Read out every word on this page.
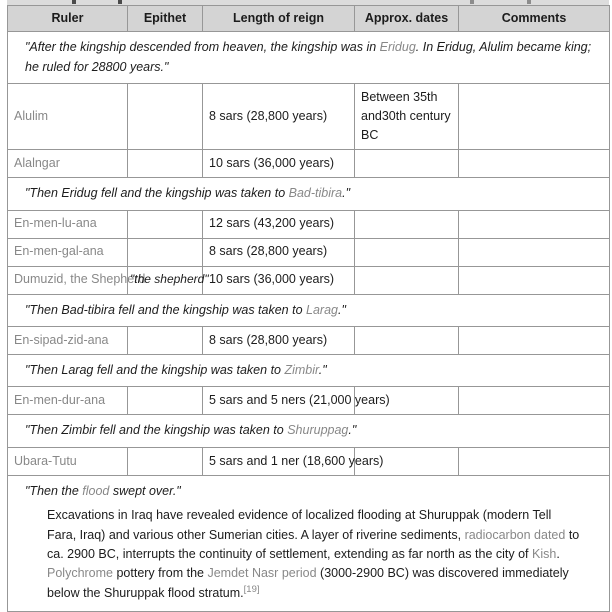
Ruler	Epithet	Length of reign	Approx. dates	Comments
"After the kingship descended from heaven, the kingship was in Eridug. In Eridug, Alulim became king; he ruled for 28800 years."				
Alulim		8 sars (28,800 years)	Between 35th and30th century BC	
Alalngar		10 sars (36,000 years)		
"Then Eridug fell and the kingship was taken to Bad-tibira."				
En-men-lu-ana		12 sars (43,200 years)		
En-men-gal-ana		8 sars (28,800 years)		
Dumuzid, the Shepherd	"the shepherd"	10 sars (36,000 years)		
"Then Bad-tibira fell and the kingship was taken to Larag."				
En-sipad-zid-ana		8 sars (28,800 years)		
"Then Larag fell and the kingship was taken to Zimbir."				
En-men-dur-ana		5 sars and 5 ners (21,000 years)		
"Then Zimbir fell and the kingship was taken to Shuruppag."				
Ubara-Tutu		5 sars and 1 ner (18,600 years)		

"Then the flood swept over."
Excavations in Iraq have revealed evidence of localized flooding at Shuruppak (modern Tell Fara, Iraq) and various other Sumerian cities. A layer of riverine sediments, radiocarbon dated to ca. 2900 BC, interrupts the continuity of settlement, extending as far north as the city of Kish. Polychrome pottery from the Jemdet Nasr period (3000-2900 BC) was discovered immediately below the Shuruppak flood stratum.[19]
